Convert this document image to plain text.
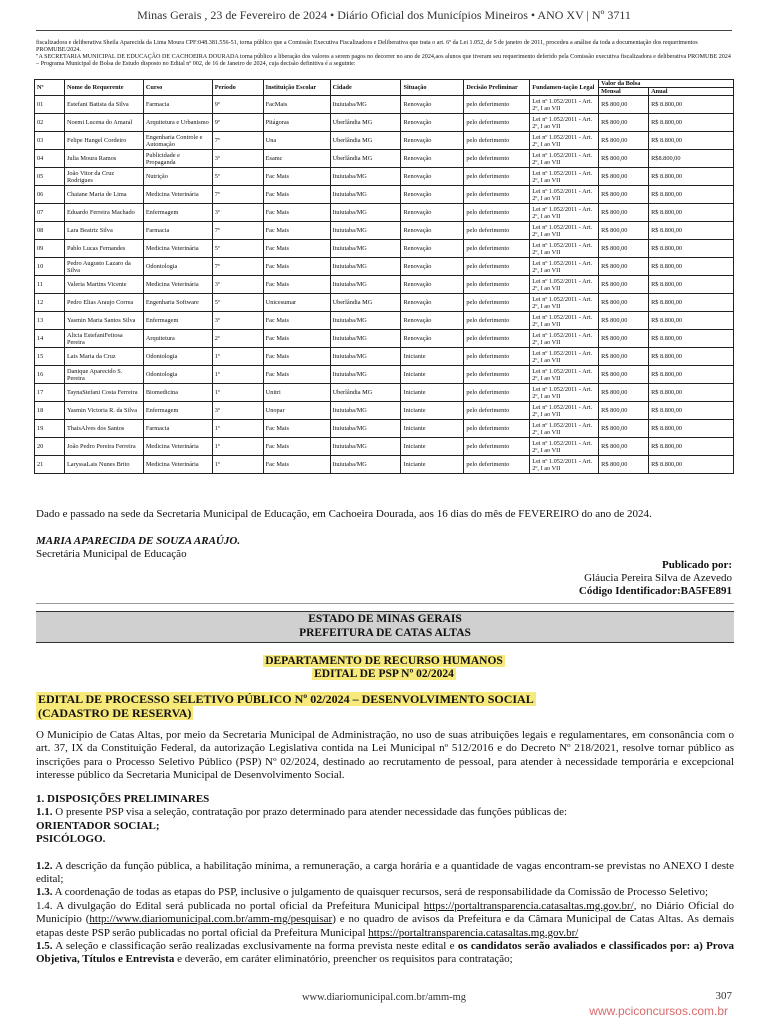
Minas Gerais , 23 de Fevereiro de 2024 • Diário Oficial dos Municípios Mineiros • ANO XV | Nº 3711

fiscalizadora e deliberativa Sheila Aparecida da Lima Moura CPF:048.381.556-51, torna público que a Comissão Executiva Fiscalizadora e Deliberativa que trata o art. 6º da Lei 1.052, de 5 de janeiro de 2011, procedeu a análise da toda a documentação dos requerimentos PROMUBE/2024.

"A SECRETARIA MUNICIPAL DE EDUCAÇÃO DE CACHOEIRA DOURADA torna público a liberação dos valores a serem pagos no decorrer no ano de 2024,aos alunos que tiveram seu requerimento deferido pela Comissão executiva fiscalizadora e deliberativa PROMUBE 2024 – Programa Municipal de Bolsa de Estudo disposto no Edital nº 002, de 16 de Janeiro de 2024, cuja decisão definitiva é a seguinte:

Nº	Nome do Requerente	Curso	Período	Instituição Escolar	Cidade	Situação	Decisão Preliminar	Fundamen-tação Legal	Valor da Bolsa	
									Mensal	Anual
01	Estefani Batista da Silva	Farmacia	9º	FacMais	Ituiutaba/MG	Renovação	pelo deferimento	Lei nº 1.052/2011 - Art. 2º, I ao VII	R$ 800,00	R$ 8.800,00
02	Noemi Lucena do Amaral	Arquitetura e Urbanismo	9º	Pitágoras	Uberlândia MG	Renovação	pelo deferimento	Lei nº 1.052/2011 - Art. 2º, I ao VII	R$ 800,00	R$ 8.800,00
03	Felipe Hangel Cordeiro	Engenharia Controle e Automação	7º	Una	Uberlândia MG	Renovação	pelo deferimento	Lei nº 1.052/2011 - Art. 2º, I ao VII	R$ 800,00	R$ 8.800,00
04	Julia Moura Ramos	Publicidade e Propaganda	3º	Esamc	Uberlândia MG	Renovação	pelo deferimento	Lei nº 1.052/2011 - Art. 2º, I ao VII	R$ 800,00	R$8.800,00
05	João Vitor da Cruz Rodrigues	Nutrição	5º	Fac Mais	Ituiutaba/MG	Renovação	pelo deferimento	Lei nº 1.052/2011 - Art. 2º, I ao VII	R$ 800,00	R$ 8.800,00
06	Chaiane Maria de Lima	Medicina Veterinária	7º	Fac Mais	Ituiutaba/MG	Renovação	pelo deferimento	Lei nº 1.052/2011 - Art. 2º, I ao VII	R$ 800,00	R$ 8.800,00
07	Eduardo Ferreira Machado	Enfermagem	3º	Fac Mais	Ituiutaba/MG	Renovação	pelo deferimento	Lei nº 1.052/2011 - Art. 2º, I ao VII	R$ 800,00	R$ 8.800,00
08	Lara Beatriz Silva	Farmacia	7º	Fac Mais	Ituiutaba/MG	Renovação	pelo deferimento	Lei nº 1.052/2011 - Art. 2º, I ao VII	R$ 800,00	R$ 8.800,00
09	Pablo Lucas Fernandes	Medicina Veterinária	5º	Fac Mais	Ituiutaba/MG	Renovação	pelo deferimento	Lei nº 1.052/2011 - Art. 2º, I ao VII	R$ 800,00	R$ 8.800,00
10	Pedro Augusto Lazaro da Silva	Odontologia	7º	Fac Mais	Ituiutaba/MG	Renovação	pelo deferimento	Lei nº 1.052/2011 - Art. 2º, I ao VII	R$ 800,00	R$ 8.800,00
11	Valeria Martins Vicente	Medicina Veterinária	3º	Fac Mais	Ituiutaba/MG	Renovação	pelo deferimento	Lei nº 1.052/2011 - Art. 2º, I ao VII	R$ 800,00	R$ 8.800,00
12	Pedro Elias Araujo Correa	Engenharia Software	5º	Unicesumar	Uberlândia MG	Renovação	pelo deferimento	Lei nº 1.052/2011 - Art. 2º, I ao VII	R$ 800,00	R$ 8.800,00
13	Yasmin Maria Santos Silva	Enfermagem	3º	Fac Mais	Ituiutaba/MG	Renovação	pelo deferimento	Lei nº 1.052/2011 - Art. 2º, I ao VII	R$ 800,00	R$ 8.800,00
14	Alicia EstefaniFeitosa Pereira	Arquitetura	2º	Fac Mais	Ituiutaba/MG	Renovação	pelo deferimento	Lei nº 1.052/2011 - Art. 2º, I ao VII	R$ 800,00	R$ 8.800,00
15	Lais Maria da Cruz	Odontologia	1º	Fac Mais	Ituiutaba/MG	Iniciante	pelo deferimento	Lei nº 1.052/2011 - Art. 2º, I ao VII	R$ 800,00	R$ 8.800,00
16	Danique Aparecido S. Pereira	Odontologia	1º	Fac Mais	Ituiutaba/MG	Iniciante	pelo deferimento	Lei nº 1.052/2011 - Art. 2º, I ao VII	R$ 800,00	R$ 8.800,00
17	TaynaStefani Costa Ferreira	Biomedicina	1º	Unitri	Uberlândia MG	Iniciante	pelo deferimento	Lei nº 1.052/2011 - Art. 2º, I ao VII	R$ 800,00	R$ 8.800,00
18	Yasmin Victoria R. da Silva	Enfermagem	3º	Unopar	Ituiutaba/MG	Iniciante	pelo deferimento	Lei nº 1.052/2011 - Art. 2º, I ao VII	R$ 800,00	R$ 8.800,00
19	ThaisAlves dos Santos	Farmacia	1º	Fac Mais	Ituiutaba/MG	Iniciante	pelo deferimento	Lei nº 1.052/2011 - Art. 2º, I ao VII	R$ 800,00	R$ 8.800,00
20	João Pedro Pereira Ferreira	Medicina Veterinária	1º	Fac Mais	Ituiutaba/MG	Iniciante	pelo deferimento	Lei nº 1.052/2011 - Art. 2º, I ao VII	R$ 800,00	R$ 8.800,00
21	LaryssaLais Nunes Brito	Medicina Veterinária	1º	Fac Mais	Ituiutaba/MG	Iniciante	pelo deferimento	Lei nº 1.052/2011 - Art. 2º, I ao VII	R$ 800,00	R$ 8.800,00
Dado e passado na sede da Secretaria Municipal de Educação, em Cachoeira Dourada, aos 16 dias do mês de FEVEREIRO do ano de 2024.
MARIA APARECIDA DE SOUZA ARAÚJO.
Secretária Municipal de Educação
Publicado por:
Gláucia Pereira Silva de Azevedo
Código Identificador:BA5FE891
ESTADO DE MINAS GERAIS
PREFEITURA DE CATAS ALTAS
DEPARTAMENTO DE RECURSO HUMANOS
EDITAL DE PSP Nº 02/2024
EDITAL DE PROCESSO SELETIVO PÚBLICO Nº 02/2024 – DESENVOLVIMENTO SOCIAL
(CADASTRO DE RESERVA)
O Município de Catas Altas, por meio da Secretaria Municipal de Administração, no uso de suas atribuições legais e regulamentares, em consonância com o art. 37, IX da Constituição Federal, da autorização Legislativa contida na Lei Municipal nº 512/2016 e do Decreto Nº 218/2021, resolve tornar público as inscrições para o Processo Seletivo Público (PSP) Nº 02/2024, destinado ao recrutamento de pessoal, para atender à necessidade temporária e excepcional interesse público da Secretaria Municipal de Desenvolvimento Social.

1. DISPOSIÇÕES PRELIMINARES

1.1. O presente PSP visa a seleção, contratação por prazo determinado para atender necessidade das funções públicas de:

ORIENTADOR SOCIAL;

PSICÓLOGO.

1.2. A descrição da função pública, a habilitação mínima, a remuneração, a carga horária e a quantidade de vagas encontram-se previstas no ANEXO I deste edital;

1.3. A coordenação de todas as etapas do PSP, inclusive o julgamento de quaisquer recursos, será de responsabilidade da Comissão de Processo Seletivo;

1.4. A divulgação do Edital será publicada no portal oficial da Prefeitura Municipal https://portaltransparencia.catasaltas.mg.gov.br/, no Diário Oficial do Município (http://www.diariomunicipal.com.br/amm-mg/pesquisar) e no quadro de avisos da Prefeitura e da Câmara Municipal de Catas Altas. As demais etapas deste PSP serão publicadas no portal oficial da Prefeitura Municipal https://portaltransparencia.catasaltas.mg.gov.br/

1.5. A seleção e classificação serão realizadas exclusivamente na forma prevista neste edital e os candidatos serão avaliados e classificados por: a) Prova Objetiva, Títulos e Entrevista e deverão, em caráter eliminatório, preencher os requisitos para contratação;

www.diariomunicipal.com.br/amm-mg	307
www.pciconcursos.com.br
